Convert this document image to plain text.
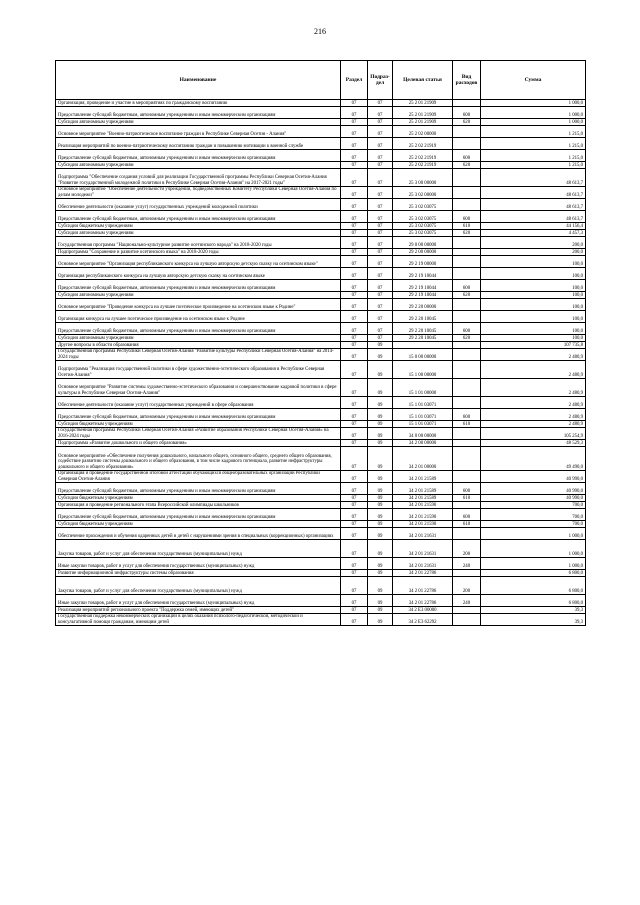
216
Наименование	Раздел	Подраз-дел	Целевая статья	Вид расходов	Сумма
Организация, проведение и участие в мероприятиях по гражданскому воспитанию	07	07	25 2 01 21909		1 000,0
Предоставление субсидий бюджетным, автономным учреждениям и иным некоммерческим организациям	07	07	25 2 01 21909	600	1 000,0
Субсидии автономным учреждениям	07	07	25 2 01 21909	620	1 000,0
Основное мероприятие "Военно-патриотическое воспитание граждан в Республике Северная Осетия - Алания"	07	07	25 2 02 00000		1 215,0
Реализация мероприятий по военно-патриотическому воспитанию граждан и повышению мотивации к военной службе	07	07	25 2 02 21919		1 215,0
Предоставление субсидий бюджетным, автономным учреждениям и иным некоммерческим организациям	07	07	25 2 02 21919	600	1 215,0
Субсидии автономным учреждениям	07	07	25 2 02 21919	620	1 215,0
Подпрограмма "Обеспечение создания условий для реализации Государственной программы Республики Северная Осетия-Алания "Развитие государственной молодежной политики в Республике Северная Осетия-Алания" на 2017-2021 годы"	07	07	25 3 00 00000		48 613,7
Основное мероприятие "Обеспечение деятельности учреждений, подведомственных Комитету Республики Северная Осетия-Алания по делам молодежи"	07	07	25 3 02 00000		48 613,7
Обеспечение деятельности (оказание услуг) государственных учреждений молодежной политики	07	07	25 3 02 03075		48 613,7
Предоставление субсидий бюджетным, автономным учреждениям и иным некоммерческим организациям	07	07	25 3 02 03075	600	48 613,7
Субсидии бюджетным учреждениям	07	07	25 3 02 03075	610	44 156,4
Субсидии автономным учреждениям	07	07	25 3 02 03075	620	4 457,3
Государственная программа "Национально-культурное развитие осетинского народа" на 2018-2020 годы	07	07	29 0 00 00000		200,0
Подпрограмма "Сохранение и развитие осетинского языка" на 2018-2020 годы	07	07	29 2 00 00000		200,0
Основное мероприятие "Организация республиканского конкурса на лучшую авторскую детскую сказку на осетинском языке"	07	07	29 2 19 00000		100,0
Организация республиканского конкурса на лучшую авторскую детскую сказку на осетинском языке	07	07	29 2 19 10044		100,0
Предоставление субсидий бюджетным, автономным учреждениям и иным некоммерческим организациям	07	07	29 2 19 10044	600	100,0
Субсидии автономным учреждениям	07	07	29 2 19 10044	620	100,0
Основное мероприятие "Проведение конкурса на лучшее поэтическое произведение на осетинском языке к Родине"	07	07	29 2 20 00000		100,0
Организация конкурса на лучшее поэтическое произведение на осетинском языке к Родине	07	07	29 2 20 10045		100,0
Предоставление субсидий бюджетным, автономным учреждениям и иным некоммерческим организациям	07	07	29 2 20 10045	600	100,0
Субсидии автономным учреждениям	07	07	29 2 20 10045	620	100,0
Другие вопросы в области образования	07	09			107 735,8
Государственная программа Республики Северная Осетия-Алания "Развитие культуры Республики Северная Осетия-Алания" на 2014-2024 годы	07	09	15 0 00 00000		2 480,9
Подпрограмма "Реализация государственной политики в сфере художественно-эстетического образования в Республике Северная Осетия-Алания"	07	09	15 1 00 00000		2 480,9
Основное мероприятие "Развитие системы художественно-эстетического образования и совершенствование кадровой политики в сфере культуры в Республике Северная Осетия-Алания"	07	09	15 1 01 00000		2 480,9
Обеспечение деятельности (оказание услуг) государственных учреждений в сфере образования	07	09	15 1 01 03071		2 480,9
Предоставление субсидий бюджетным, автономным учреждениям и иным некоммерческим организациям	07	09	15 1 01 03071	600	2 480,9
Субсидии бюджетным учреждениям	07	09	15 1 01 03071	610	2 480,9
Государственная программа Республики Северная Осетия-Алания «Развитие образования Республики Северная Осетия-Алания» на 2016-2024 годы	07	09	34 0 00 00000		105 254,9
Подпрограмма «Развитие дошкольного и общего образования»	07	09	34 2 00 00000		48 529,3
Основное мероприятие «Обеспечение получения дошкольного, начального общего, основного общего, среднего общего образования, содействие развитию системы дошкольного и общего образования, в том числе кадрового потенциала, развитие инфраструктуры дошкольного и общего образования»	07	09	34 2 01 00000		49 490,0
Организация и проведение государственной итоговой аттестации обучающихся общеобразовательных организаций Республики Северная Осетия-Алания	07	09	34 2 01 21589		40 990,0
Предоставление субсидий бюджетным, автономным учреждениям и иным некоммерческим организациям	07	09	34 2 01 21589	600	40 990,0
Субсидии бюджетным учреждениям	07	09	34 2 01 21589	610	40 990,0
Организация и проведение регионального этапа Всероссийской олимпиады школьников	07	09	34 2 01 21590		700,0
Предоставление субсидий бюджетным, автономным учреждениям и иным некоммерческим организациям	07	09	34 2 01 21590	600	700,0
Субсидии бюджетным учреждениям	07	09	34 2 01 21590	610	700,0
Обеспечение прохождения и обучения одаренных детей и детей с нарушениями зрения в специальных (коррекционных) организациях	07	09	34 2 01 21631		1 000,0
Закупка товаров, работ и услуг для обеспечения государственных (муниципальных) нужд	07	09	34 2 01 21631	200	1 000,0
Иные закупки товаров, работ и услуг для обеспечения государственных (муниципальных) нужд	07	09	34 2 01 21631	240	1 000,0
Развитие информационной инфраструктуры системы образования	07	09	34 2 01 22786		6 800,0
Закупка товаров, работ и услуг для обеспечения государственных (муниципальных) нужд	07	09	34 2 01 22786	200	6 800,0
Иные закупки товаров, работ и услуг для обеспечения государственных (муниципальных) нужд	07	09	34 2 01 22786	240	6 800,0
Реализация мероприятий регионального проекта "Поддержка семей, имеющих детей"	07	09	34 2 E3 00000		39,3
Государственная поддержка некоммерческих организаций в целях оказания психолого-педагогической, методической и консультативной помощи гражданам, имеющим детей	07	09	34 2 E3 62292		39,3
